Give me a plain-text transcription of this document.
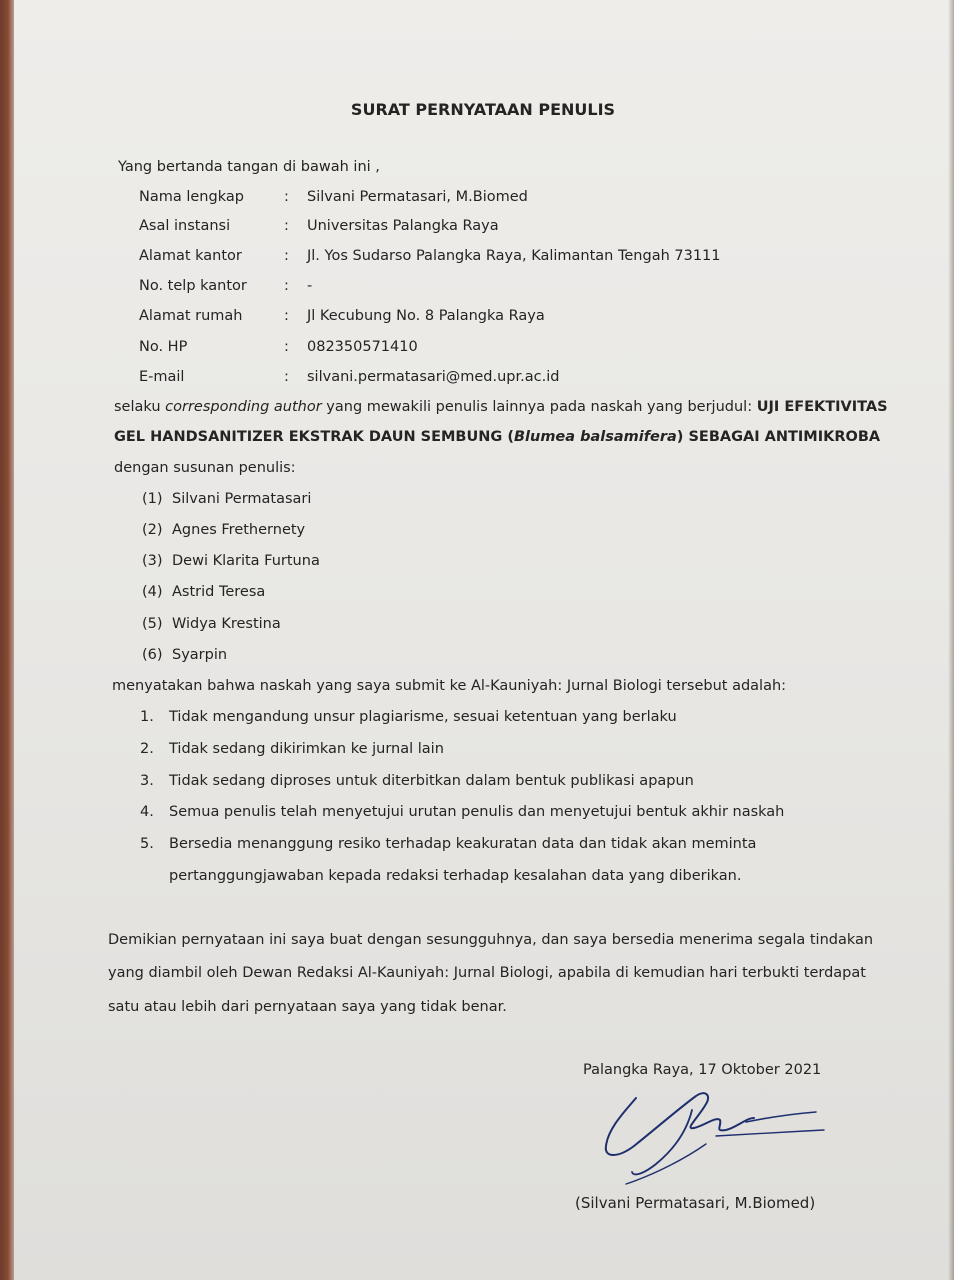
SURAT PERNYATAAN PENULIS
Yang bertanda tangan di bawah ini ,
Nama lengkap	: Silvani Permatasari, M.Biomed
Asal instansi	: Universitas Palangka Raya
Alamat kantor	: Jl. Yos Sudarso Palangka Raya, Kalimantan Tengah 73111
No. telp kantor	: -
Alamat rumah	: Jl Kecubung No. 8 Palangka Raya
No. HP	: 082350571410
E-mail	: silvani.permatasari@med.upr.ac.id
selaku corresponding author yang mewakili penulis lainnya pada naskah yang berjudul: UJI EFEKTIVITAS
GEL HANDSANITIZER EKSTRAK DAUN SEMBUNG (Blumea balsamifera) SEBAGAI ANTIMIKROBA
dengan susunan penulis:
(1) Silvani Permatasari
(2) Agnes Frethernety
(3) Dewi Klarita Furtuna
(4) Astrid Teresa
(5) Widya Krestina
(6) Syarpin
menyatakan bahwa naskah yang saya submit ke Al-Kauniyah: Jurnal Biologi tersebut adalah:
1. Tidak mengandung unsur plagiarisme, sesuai ketentuan yang berlaku
2. Tidak sedang dikirimkan ke jurnal lain
3. Tidak sedang diproses untuk diterbitkan dalam bentuk publikasi apapun
4. Semua penulis telah menyetujui urutan penulis dan menyetujui bentuk akhir naskah
5. Bersedia menanggung resiko terhadap keakuratan data dan tidak akan meminta
pertanggungjawaban kepada redaksi terhadap kesalahan data yang diberikan.
Demikian pernyataan ini saya buat dengan sesungguhnya, dan saya bersedia menerima segala tindakan
yang diambil oleh Dewan Redaksi Al-Kauniyah: Jurnal Biologi, apabila di kemudian hari terbukti terdapat
satu atau lebih dari pernyataan saya yang tidak benar.
Palangka Raya, 17 Oktober 2021
(Silvani Permatasari, M.Biomed)
